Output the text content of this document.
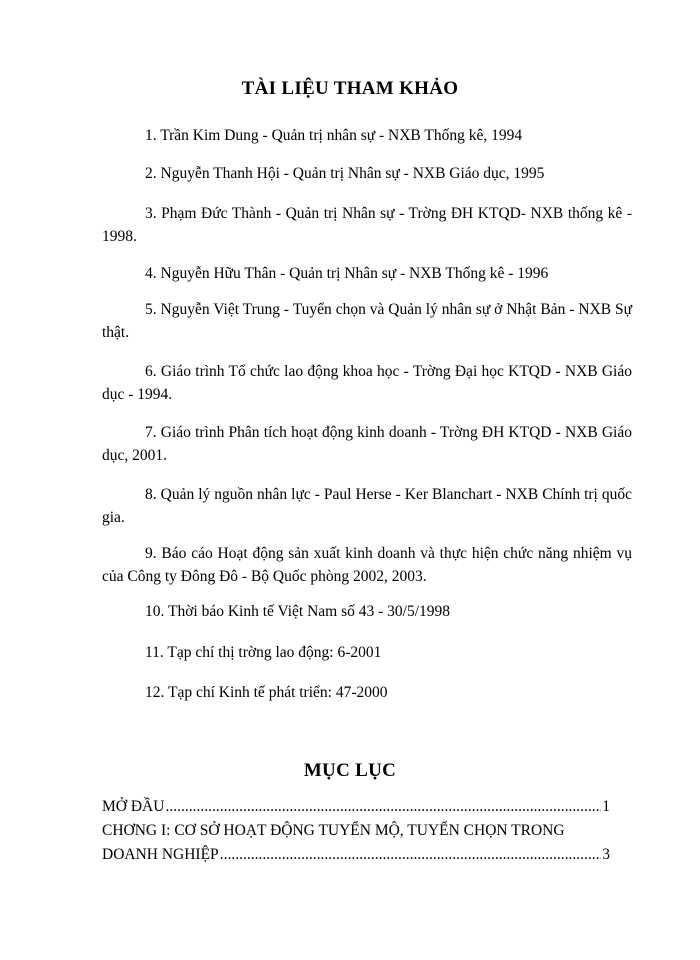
TÀI LIỆU THAM KHẢO
1. Trần Kim Dung - Quản trị nhân sự - NXB Thống kê, 1994
2. Nguyễn Thanh Hội - Quản trị Nhân sự - NXB Giáo dục, 1995
3. Phạm Đức Thành - Quản trị Nhân sự - Trờng ĐH KTQD- NXB thống kê - 1998.
4. Nguyễn Hữu Thân - Quản trị Nhân sự - NXB Thống kê - 1996
5. Nguyễn Việt Trung - Tuyển chọn và Quản lý nhân sự ở Nhật Bản - NXB Sự thật.
6. Giáo trình Tổ chức lao động khoa học - Trờng Đại học KTQD - NXB Giáo dục - 1994.
7. Giáo trình Phân tích hoạt động kinh doanh - Trờng ĐH KTQD - NXB Giáo dục, 2001.
8. Quản lý nguồn nhân lực - Paul Herse - Ker Blanchart - NXB Chính trị quốc gia.
9. Báo cáo Hoạt động sản xuất kinh doanh và thực hiện chức năng nhiệm vụ của Công ty Đông Đô - Bộ Quốc phòng 2002, 2003.
10. Thời báo Kinh tế Việt Nam số 43 - 30/5/1998
11. Tạp chí thị trờng lao động: 6-2001
12. Tạp chí Kinh tế phát triển: 47-2000
MỤC LỤC
MỞ ĐẦU .....	1
CHƠNG I: CƠ SỞ HOẠT ĐỘNG TUYỂN MỘ, TUYỂN CHỌN TRONG
DOANH NGHIỆP .....	3
